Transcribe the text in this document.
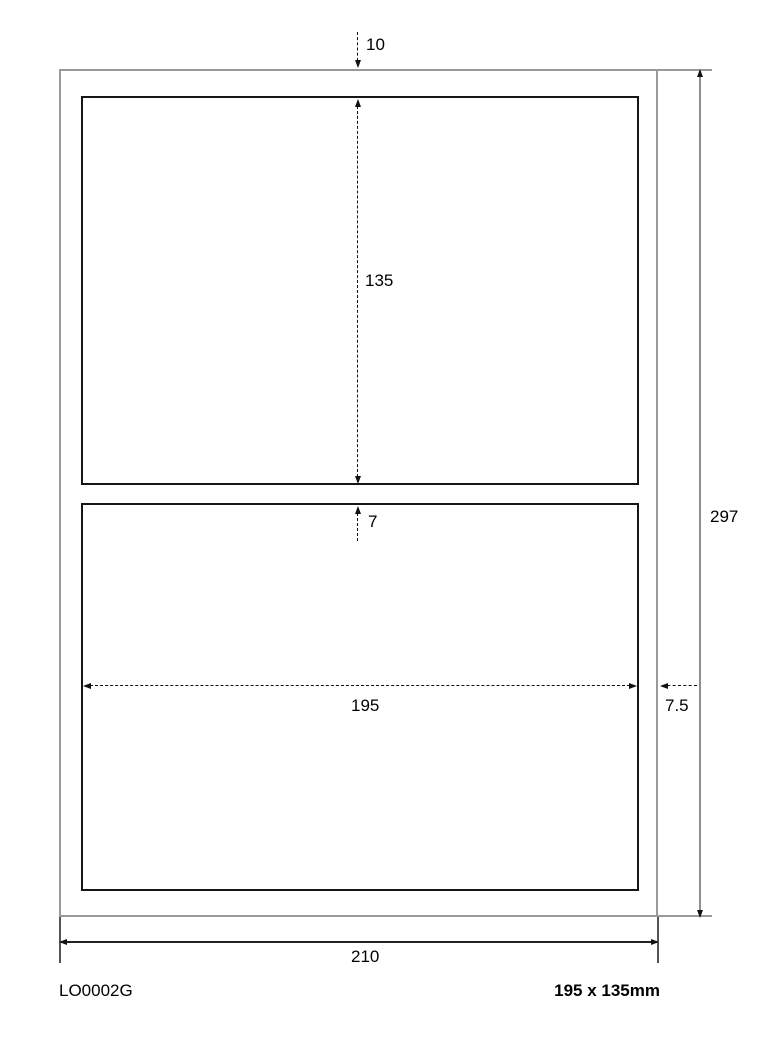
10
135
7
195	7.5
297
210
LO0002G	195 x 135mm
